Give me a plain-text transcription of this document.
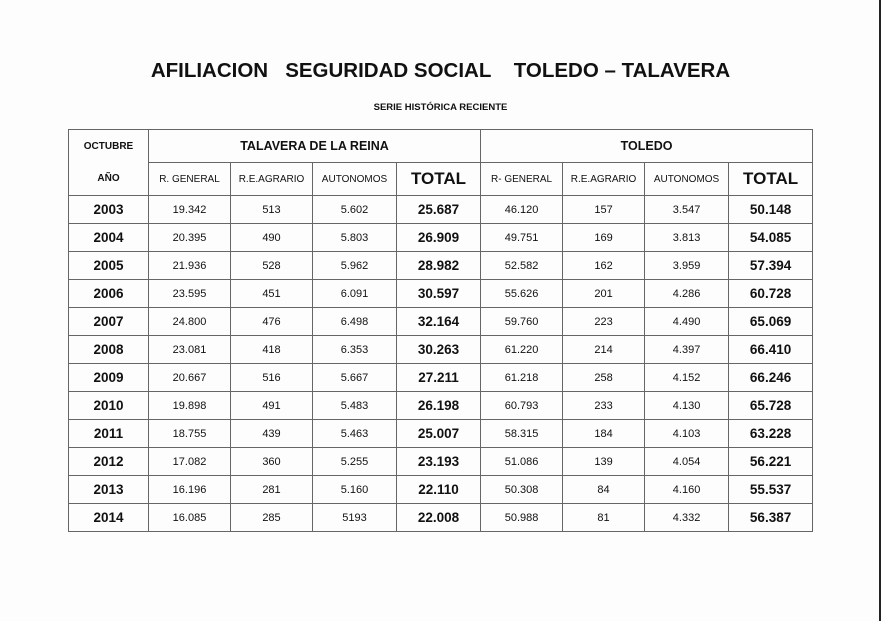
AFILIACION   SEGURIDAD SOCIAL    TOLEDO – TALAVERA
SERIE HISTÓRICA RECIENTE
OCTUBRE	TALAVERA DE LA REINA				TOLEDO			
AÑO	R. GENERAL	R.E.AGRARIO	AUTONOMOS	TOTAL	R- GENERAL	R.E.AGRARIO	AUTONOMOS	TOTAL
2003	19.342	513	5.602	25.687	46.120	157	3.547	50.148
2004	20.395	490	5.803	26.909	49.751	169	3.813	54.085
2005	21.936	528	5.962	28.982	52.582	162	3.959	57.394
2006	23.595	451	6.091	30.597	55.626	201	4.286	60.728
2007	24.800	476	6.498	32.164	59.760	223	4.490	65.069
2008	23.081	418	6.353	30.263	61.220	214	4.397	66.410
2009	20.667	516	5.667	27.211	61.218	258	4.152	66.246
2010	19.898	491	5.483	26.198	60.793	233	4.130	65.728
2011	18.755	439	5.463	25.007	58.315	184	4.103	63.228
2012	17.082	360	5.255	23.193	51.086	139	4.054	56.221
2013	16.196	281	5.160	22.110	50.308	84	4.160	55.537
2014	16.085	285	5193	22.008	50.988	81	4.332	56.387
